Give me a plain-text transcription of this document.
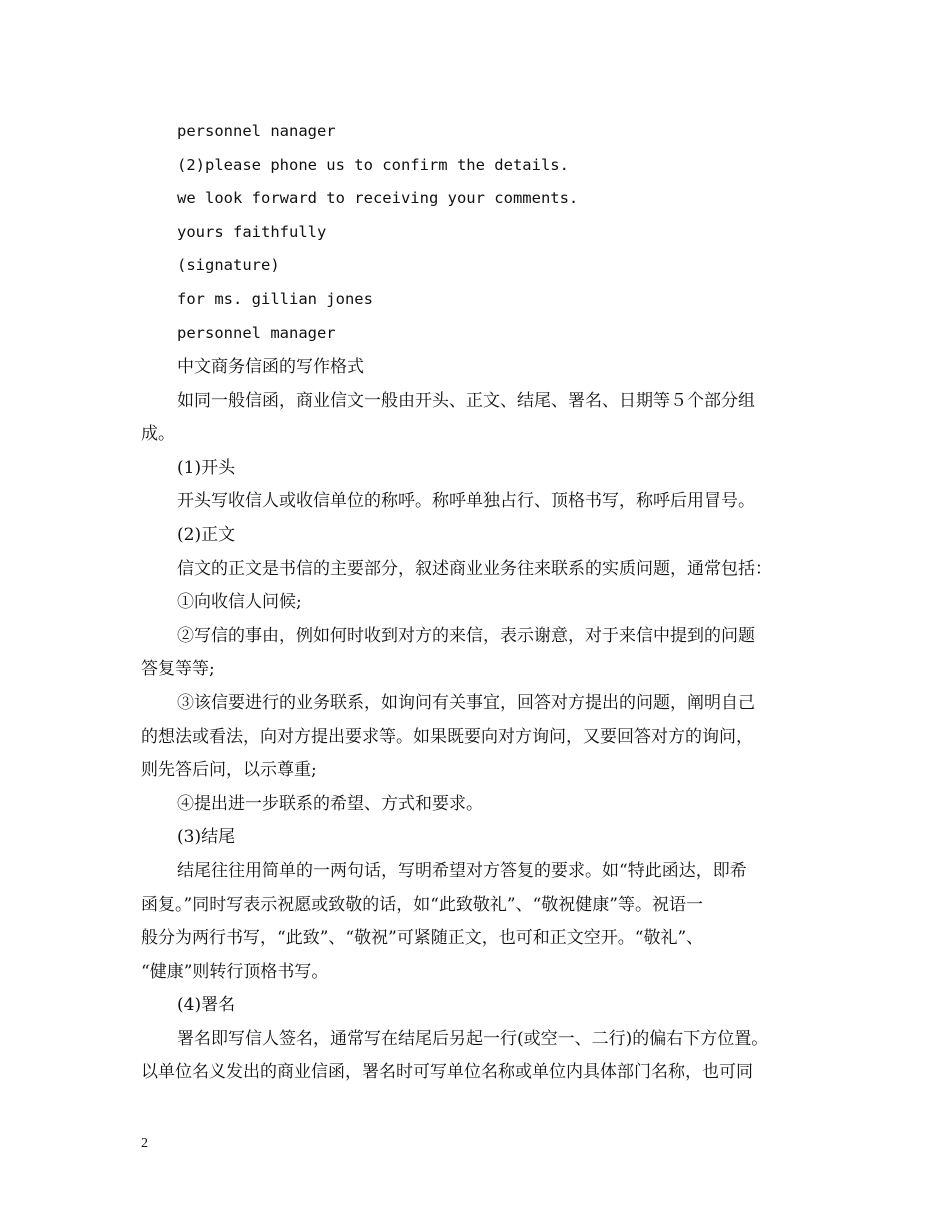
personnel nanager
(2)please phone us to confirm the details.
we look forward to receiving your comments.
yours faithfully
(signature)
for ms. gillian jones
personnel manager
中文商务信函的写作格式
如同一般信函，商业信文一般由开头、正文、结尾、署名、日期等５个部分组
成。
(1)开头
开头写收信人或收信单位的称呼。称呼单独占行、顶格书写，称呼后用冒号。
(2)正文
信文的正文是书信的主要部分，叙述商业业务往来联系的实质问题，通常包括：
①向收信人问候;
②写信的事由，例如何时收到对方的来信，表示谢意，对于来信中提到的问题
答复等等;
③该信要进行的业务联系，如询问有关事宜，回答对方提出的问题，阐明自己
的想法或看法，向对方提出要求等。如果既要向对方询问，又要回答对方的询问，
则先答后问，以示尊重;
④提出进一步联系的希望、方式和要求。
(3)结尾
结尾往往用简单的一两句话，写明希望对方答复的要求。如“特此函达，即希
函复。”同时写表示祝愿或致敬的话，如“此致敬礼”、“敬祝健康”等。祝语一
般分为两行书写，“此致”、“敬祝”可紧随正文，也可和正文空开。“敬礼”、
“健康”则转行顶格书写。
(4)署名
署名即写信人签名，通常写在结尾后另起一行(或空一、二行)的偏右下方位置。
以单位名义发出的商业信函，署名时可写单位名称或单位内具体部门名称，也可同
2
